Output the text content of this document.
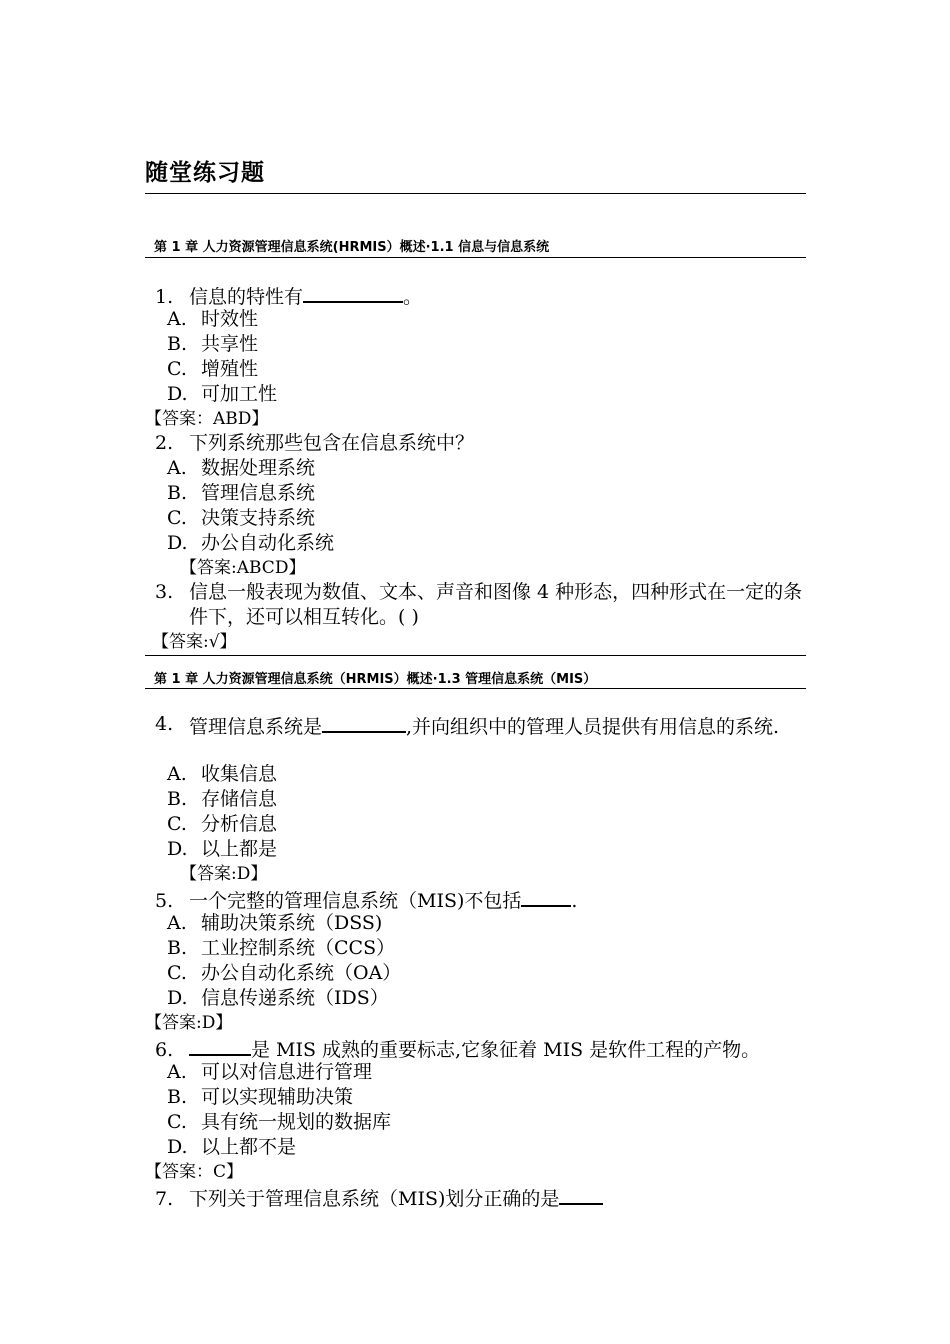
随堂练习题
第 1 章 人力资源管理信息系统(HRMIS）概述·1.1 信息与信息系统
1. 信息的特性有	。
A. 时效性
B. 共享性
C. 增殖性
D. 可加工性
【答案：ABD】
2. 下列系统那些包含在信息系统中？
A. 数据处理系统
B. 管理信息系统
C. 决策支持系统
D. 办公自动化系统
【答案:ABCD】
3. 信息一般表现为数值、文本、声音和图像 4 种形态，四种形式在一定的条件下，还可以相互转化。( )
【答案:√】
第 1 章 人力资源管理信息系统（HRMIS）概述·1.3 管理信息系统（MIS）
4. 管理信息系统是	,并向组织中的管理人员提供有用信息的系统.
A. 收集信息
B. 存储信息
C. 分析信息
D. 以上都是
【答案:D】
5. 一个完整的管理信息系统（MIS)不包括	.
A. 辅助决策系统（DSS)
B. 工业控制系统（CCS）
C. 办公自动化系统（OA）
D. 信息传递系统（IDS）
【答案:D】
6.	是 MIS 成熟的重要标志,它象征着 MIS 是软件工程的产物。
A. 可以对信息进行管理
B. 可以实现辅助决策
C. 具有统一规划的数据库
D. 以上都不是
【答案：C】
7. 下列关于管理信息系统（MIS)划分正确的是
